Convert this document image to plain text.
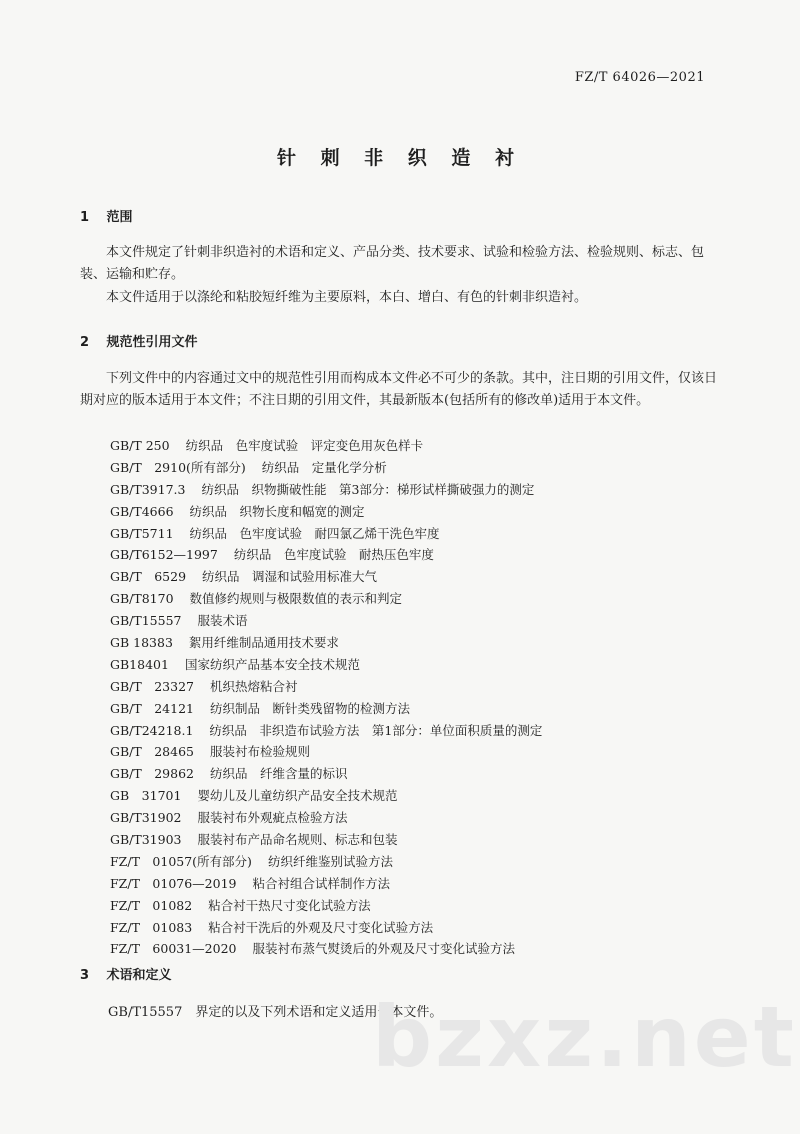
FZ/T 64026—2021
针 刺 非 织 造 衬
1 范围
本文件规定了针刺非织造衬的术语和定义、产品分类、技术要求、试验和检验方法、检验规则、标志、包装、运输和贮存。
本文件适用于以涤纶和粘胶短纤维为主要原料，本白、增白、有色的针刺非织造衬。
2 规范性引用文件
下列文件中的内容通过文中的规范性引用而构成本文件必不可少的条款。其中，注日期的引用文件，仅该日期对应的版本适用于本文件；不注日期的引用文件，其最新版本(包括所有的修改单)适用于本文件。
GB/T 250 纺织品　色牢度试验　评定变色用灰色样卡
GB/T　2910(所有部分) 纺织品　定量化学分析
GB/T3917.3 纺织品　织物撕破性能　第3部分：梯形试样撕破强力的测定
GB/T4666 纺织品　织物长度和幅宽的测定
GB/T5711 纺织品　色牢度试验　耐四氯乙烯干洗色牢度
GB/T6152—1997 纺织品　色牢度试验　耐热压色牢度
GB/T　6529 纺织品　调湿和试验用标准大气
GB/T8170 数值修约规则与极限数值的表示和判定
GB/T15557 服装术语
GB 18383 絮用纤维制品通用技术要求
GB18401 国家纺织产品基本安全技术规范
GB/T　23327 机织热熔粘合衬
GB/T　24121 纺织制品　断针类残留物的检测方法
GB/T24218.1 纺织品　非织造布试验方法　第1部分：单位面积质量的测定
GB/T　28465 服装衬布检验规则
GB/T　29862 纺织品　纤维含量的标识
GB　31701 婴幼儿及儿童纺织产品安全技术规范
GB/T31902 服装衬布外观疵点检验方法
GB/T31903 服装衬布产品命名规则、标志和包装
FZ/T　01057(所有部分) 纺织纤维鉴别试验方法
FZ/T　01076—2019 粘合衬组合试样制作方法
FZ/T　01082 粘合衬干热尺寸变化试验方法
FZ/T　01083 粘合衬干洗后的外观及尺寸变化试验方法
FZ/T　60031—2020 服装衬布蒸气熨烫后的外观及尺寸变化试验方法
3 术语和定义
GB/T15557　界定的以及下列术语和定义适用于本文件。
bzxz.net
